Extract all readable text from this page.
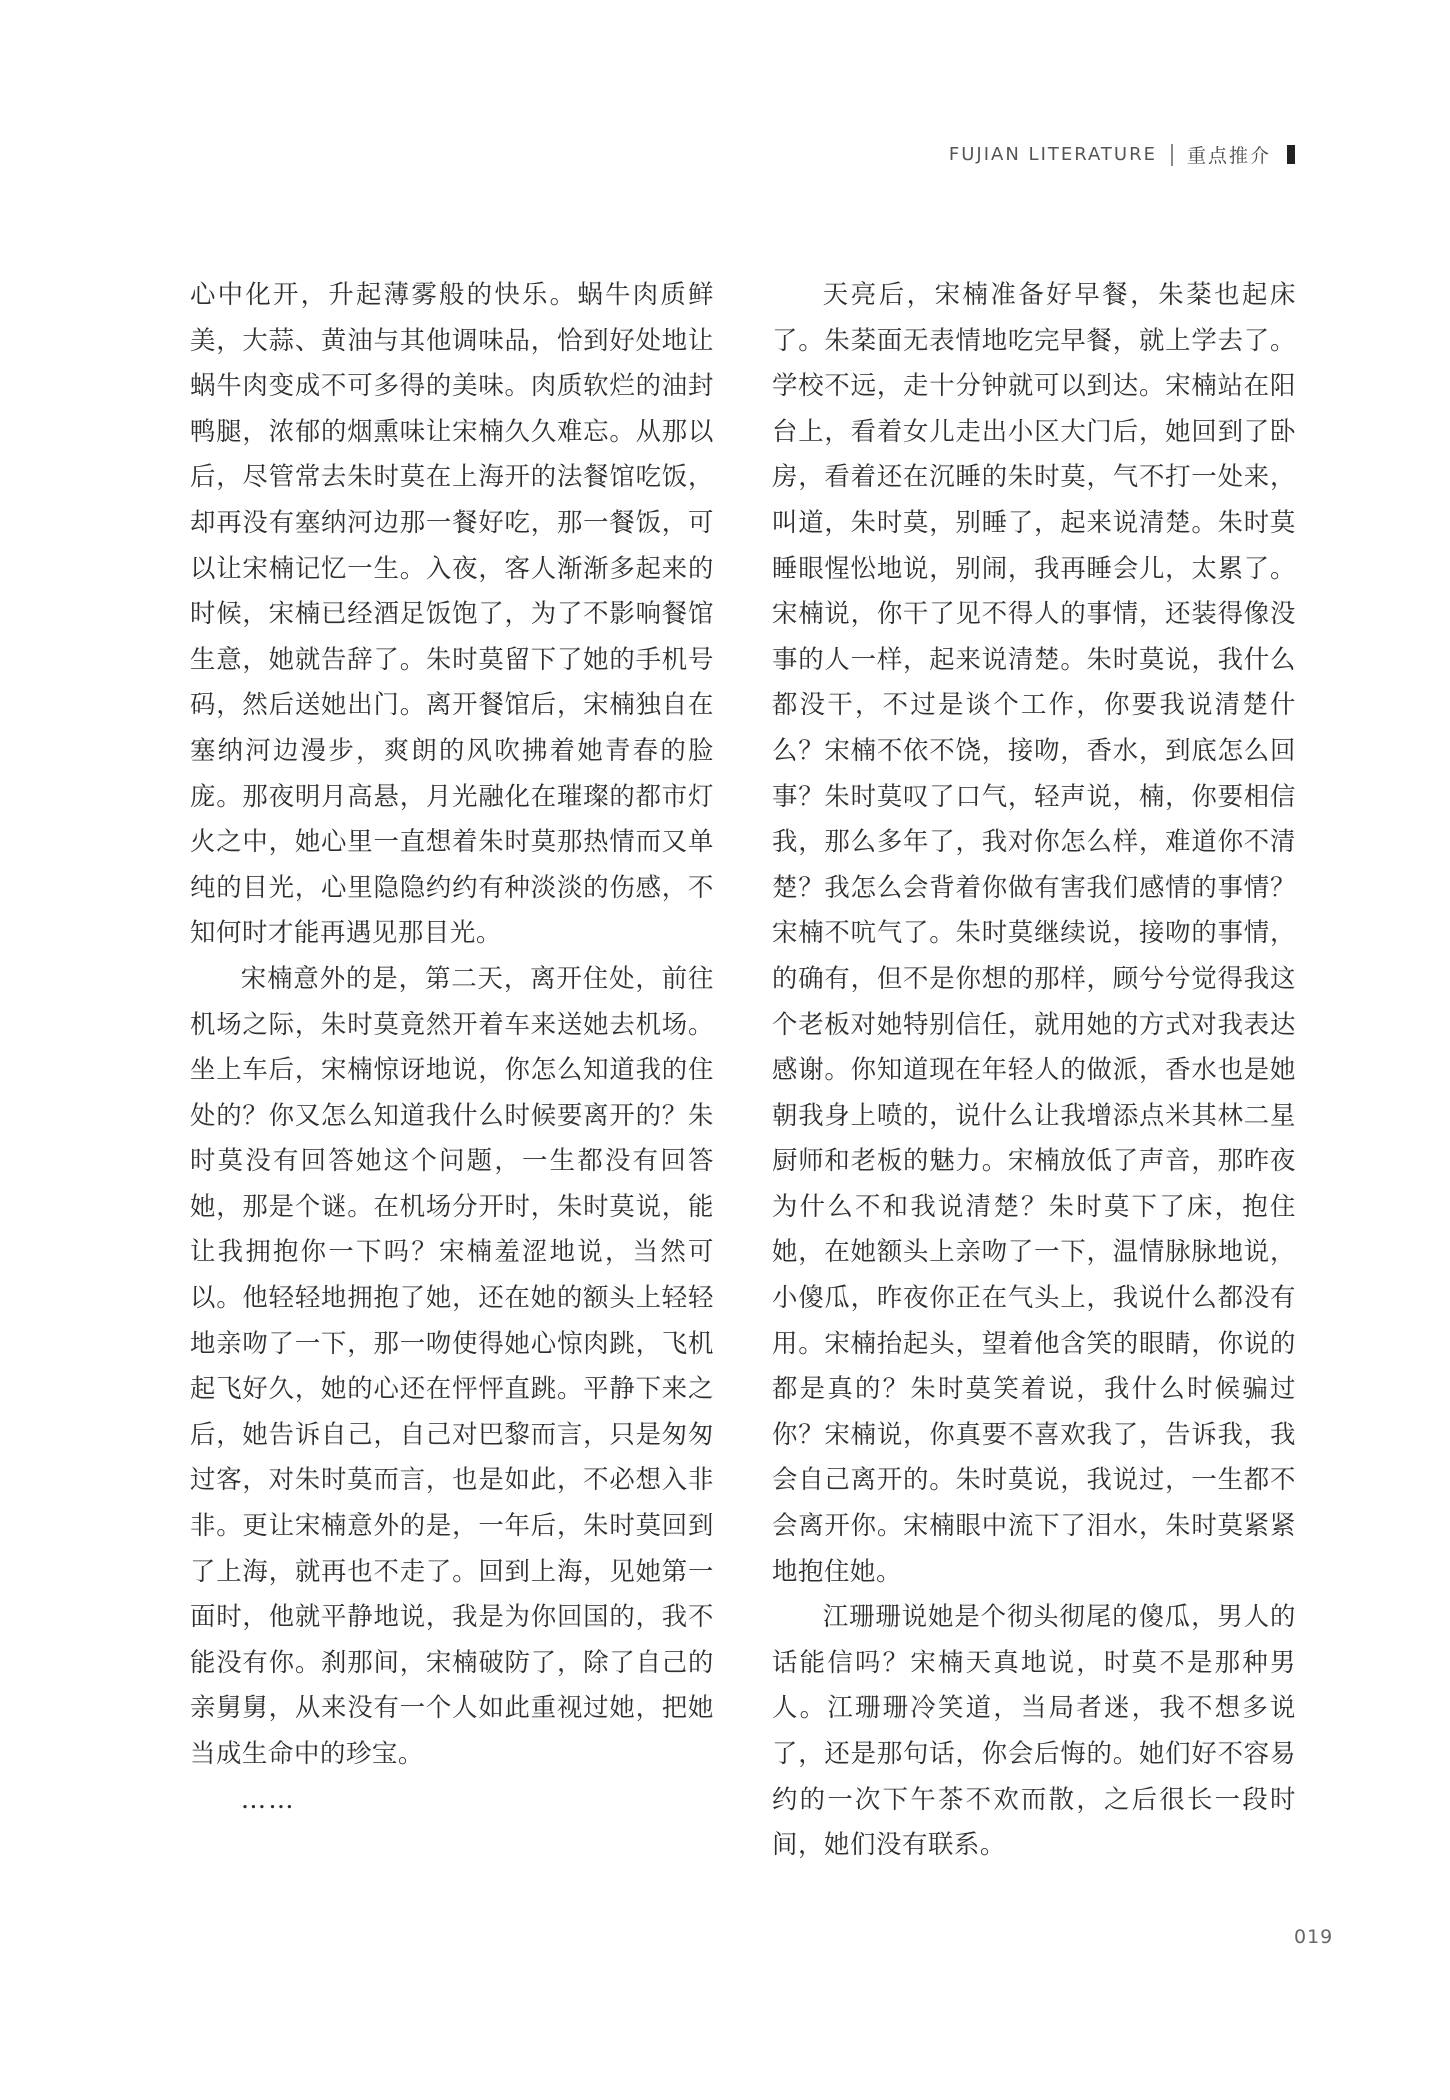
FUJIAN LITERATURE 重点推介

心中化开，升起薄雾般的快乐。蜗牛肉质鲜美，大蒜、黄油与其他调味品，恰到好处地让蜗牛肉变成不可多得的美味。肉质软烂的油封鸭腿，浓郁的烟熏味让宋楠久久难忘。从那以后，尽管常去朱时莫在上海开的法餐馆吃饭，却再没有塞纳河边那一餐好吃，那一餐饭，可以让宋楠记忆一生。入夜，客人渐渐多起来的时候，宋楠已经酒足饭饱了，为了不影响餐馆生意，她就告辞了。朱时莫留下了她的手机号码，然后送她出门。离开餐馆后，宋楠独自在塞纳河边漫步，爽朗的风吹拂着她青春的脸庞。那夜明月高悬，月光融化在璀璨的都市灯火之中，她心里一直想着朱时莫那热情而又单纯的目光，心里隐隐约约有种淡淡的伤感，不知何时才能再遇见那目光。

宋楠意外的是，第二天，离开住处，前往机场之际，朱时莫竟然开着车来送她去机场。坐上车后，宋楠惊讶地说，你怎么知道我的住处的？你又怎么知道我什么时候要离开的？朱时莫没有回答她这个问题，一生都没有回答她，那是个谜。在机场分开时，朱时莫说，能让我拥抱你一下吗？宋楠羞涩地说，当然可以。他轻轻地拥抱了她，还在她的额头上轻轻地亲吻了一下，那一吻使得她心惊肉跳，飞机起飞好久，她的心还在怦怦直跳。平静下来之后，她告诉自己，自己对巴黎而言，只是匆匆过客，对朱时莫而言，也是如此，不必想入非非。更让宋楠意外的是，一年后，朱时莫回到了上海，就再也不走了。回到上海，见她第一面时，他就平静地说，我是为你回国的，我不能没有你。刹那间，宋楠破防了，除了自己的亲舅舅，从来没有一个人如此重视过她，把她当成生命中的珍宝。

……

天亮后，宋楠准备好早餐，朱棻也起床了。朱棻面无表情地吃完早餐，就上学去了。学校不远，走十分钟就可以到达。宋楠站在阳台上，看着女儿走出小区大门后，她回到了卧房，看着还在沉睡的朱时莫，气不打一处来，叫道，朱时莫，别睡了，起来说清楚。朱时莫睡眼惺忪地说，别闹，我再睡会儿，太累了。宋楠说，你干了见不得人的事情，还装得像没事的人一样，起来说清楚。朱时莫说，我什么都没干，不过是谈个工作，你要我说清楚什么？宋楠不依不饶，接吻，香水，到底怎么回事？朱时莫叹了口气，轻声说，楠，你要相信我，那么多年了，我对你怎么样，难道你不清楚？我怎么会背着你做有害我们感情的事情？宋楠不吭气了。朱时莫继续说，接吻的事情，的确有，但不是你想的那样，顾兮兮觉得我这个老板对她特别信任，就用她的方式对我表达感谢。你知道现在年轻人的做派，香水也是她朝我身上喷的，说什么让我增添点米其林二星厨师和老板的魅力。宋楠放低了声音，那昨夜为什么不和我说清楚？朱时莫下了床，抱住她，在她额头上亲吻了一下，温情脉脉地说，小傻瓜，昨夜你正在气头上，我说什么都没有用。宋楠抬起头，望着他含笑的眼睛，你说的都是真的？朱时莫笑着说，我什么时候骗过你？宋楠说，你真要不喜欢我了，告诉我，我会自己离开的。朱时莫说，我说过，一生都不会离开你。宋楠眼中流下了泪水，朱时莫紧紧地抱住她。

江珊珊说她是个彻头彻尾的傻瓜，男人的话能信吗？宋楠天真地说，时莫不是那种男人。江珊珊冷笑道，当局者迷，我不想多说了，还是那句话，你会后悔的。她们好不容易约的一次下午茶不欢而散，之后很长一段时间，她们没有联系。

019
